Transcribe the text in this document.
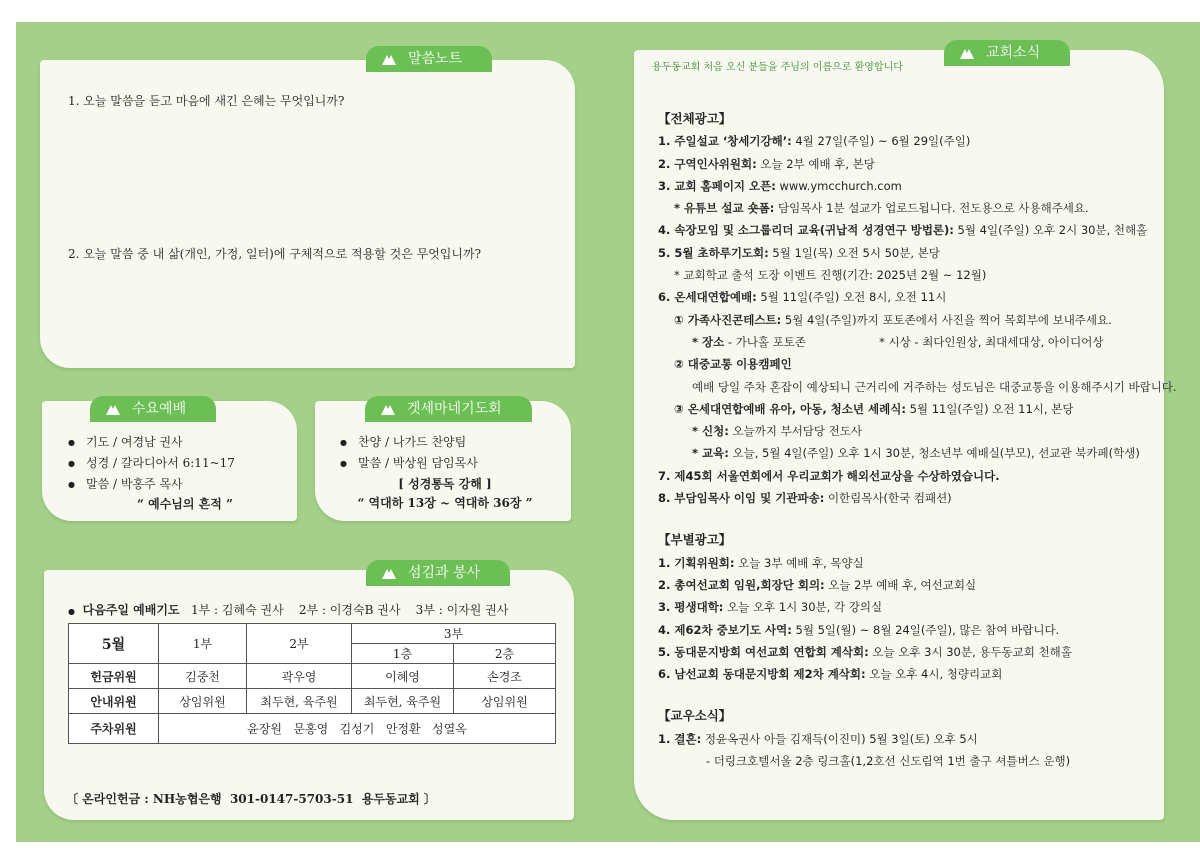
말씀노트
1. 오늘 말씀을 듣고 마음에 새긴 은혜는 무엇입니까?
2. 오늘 말씀 중 내 삶(개인, 가정, 일터)에 구체적으로 적용할 것은 무엇입니까?
수요예배
● 기도 / 여경남 권사
● 성경 / 갈라디아서 6:11~17
● 말씀 / 박홍주 목사
“ 예수님의 흔적 ”
겟세마네기도회
● 찬양 / 나가드 찬양팀
● 말씀 / 박상원 담임목사
[ 성경통독 강해 ]
“ 역대하 13장 ~ 역대하 36장 ”
섬김과 봉사
● 다음주일 예배기도 1부 : 김혜숙 권사    2부 : 이경숙B 권사    3부 : 이자원 권사
5월	1부	2부	3부	
			1층	2층
헌금위원	김중천	곽우영	이혜영	손경조
안내위원	상임위원	최두현, 육주원	최두현, 육주원	상임위원
주차위원	윤장원   문홍영   김성기   안정환   성열옥			
〔 온라인헌금 : NH농협은행  301-0147-5703-51  용두동교회 〕
교회소식
용두동교회 처음 오신 분들을 주님의 이름으로 환영합니다
【전체광고】
1. 주일설교 ‘창세기강해’: 4월 27일(주일) ~ 6월 29일(주일)
2. 구역인사위원회: 오늘 2부 예배 후, 본당
3. 교회 홈페이지 오픈: www.ymcchurch.com
* 유튜브 설교 숏폼: 담임목사 1분 설교가 업로드됩니다. 전도용으로 사용해주세요.
4. 속장모임 및 소그룹리더 교육(귀납적 성경연구 방법론): 5월 4일(주일) 오후 2시 30분, 천해홀
5. 5월 초하루기도회: 5월 1일(목) 오전 5시 50분, 본당
* 교회학교 출석 도장 이벤트 진행(기간: 2025년 2월 ~ 12월)
6. 온세대연합예배: 5월 11일(주일) 오전 8시, 오전 11시
① 가족사진콘테스트: 5월 4일(주일)까지 포토존에서 사진을 찍어 목회부에 보내주세요.
* 장소 - 가나홀 포토존                    * 시상 - 최다인원상, 최대세대상, 아이디어상
② 대중교통 이용캠페인
예배 당일 주차 혼잡이 예상되니 근거리에 거주하는 성도님은 대중교통을 이용해주시기 바랍니다.
③ 온세대연합예배 유아, 아동, 청소년 세례식: 5월 11일(주일) 오전 11시, 본당
* 신청: 오늘까지 부서담당 전도사
* 교육: 오늘, 5월 4일(주일) 오후 1시 30분, 청소년부 예배실(부모), 선교관 북카페(학생)
7. 제45회 서울연회에서 우리교회가 해외선교상을 수상하였습니다.
8. 부담임목사 이임 및 기관파송: 이한림목사(한국 컴패션)
【부별광고】
1. 기획위원회: 오늘 3부 예배 후, 목양실
2. 총여선교회 임원,회장단 회의: 오늘 2부 예배 후, 여선교회실
3. 평생대학: 오늘 오후 1시 30분, 각 강의실
4. 제62차 중보기도 사역: 5월 5일(월) ~ 8월 24일(주일), 많은 참여 바랍니다.
5. 동대문지방회 여선교회 연합회 계삭회: 오늘 오후 3시 30분, 용두동교회 천해홀
6. 남선교회 동대문지방회 제2차 계삭회: 오늘 오후 4시, 청량리교회
【교우소식】
1. 결혼: 정윤옥권사 아들 김재득(이진미) 5월 3일(토) 오후 5시
- 더링크호텔서울 2층 링크홀(1,2호선 신도림역 1번 출구 셔틀버스 운행)
